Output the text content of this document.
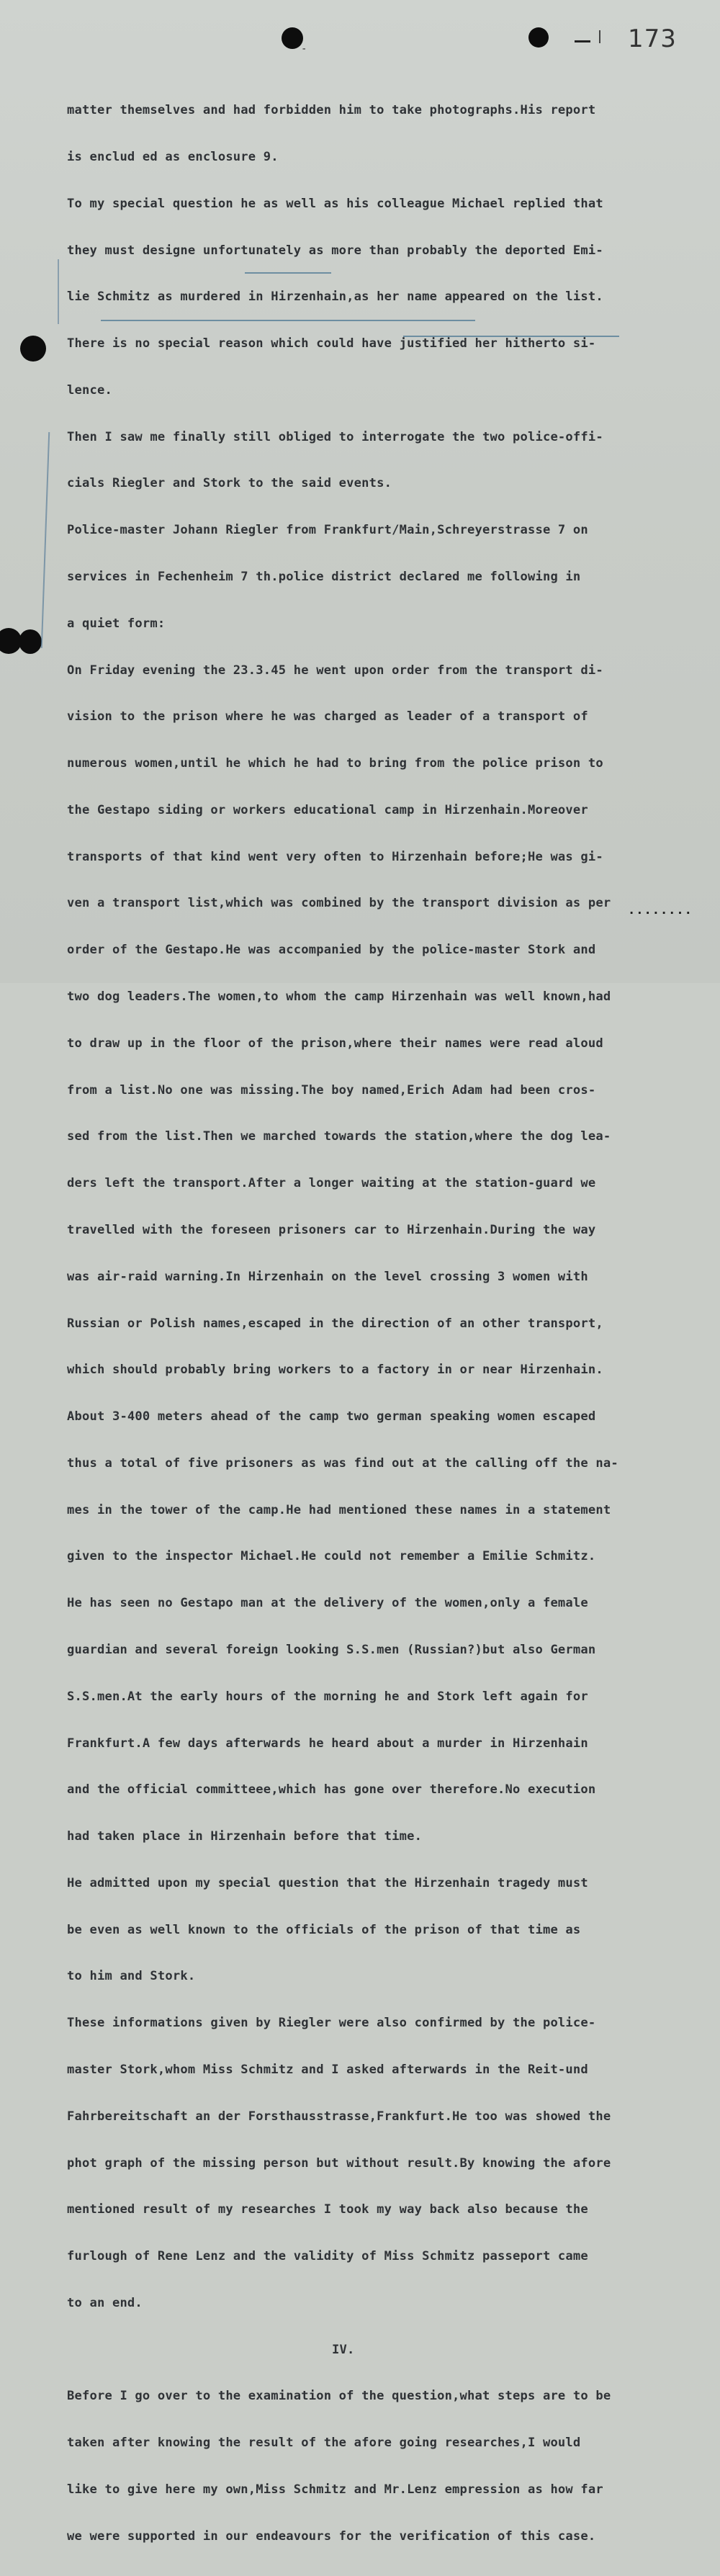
-	173

matter themselves and had forbidden him to take photographs.His report

is enclud ed as enclosure 9.

To my special question he as well as his colleague Michael replied that

they must designe unfortunately as more than probably the deported Emi-

lie Schmitz as murdered in Hirzenhain,as her name appeared on the list.

There is no special reason which could have justified her hitherto si-

lence.

Then I saw me finally still obliged to interrogate the two police-offi-

cials Riegler and Stork to the said events.

Police-master Johann Riegler from Frankfurt/Main,Schreyerstrasse 7 on

services in Fechenheim 7 th.police district declared me following in

a quiet form:

On Friday evening the 23.3.45 he went upon order from the transport di-

vision to the prison where he was charged as leader of a transport of

numerous women,until he which he had to bring from the police prison to

the Gestapo siding or workers educational camp in Hirzenhain.Moreover

transports of that kind went very often to Hirzenhain before;He was gi-

ven a transport list,which was combined by the transport division as per

order of the Gestapo.He was accompanied by the police-master Stork and

two dog leaders.The women,to whom the camp Hirzenhain was well known,had

to draw up in the floor of the prison,where their names were read aloud

from a list.No one was missing.The boy named,Erich Adam had been cros-

sed from the list.Then we marched towards the station,where the dog lea-

ders left the transport.After a longer waiting at the station-guard we

travelled with the foreseen prisoners car to Hirzenhain.During the way

was air-raid warning.In Hirzenhain on the level crossing 3 women with

Russian or Polish names,escaped in the direction of an other transport,

which should probably bring workers to a factory in or near Hirzenhain.

About 3-400 meters ahead of the camp two german speaking women escaped

thus a total of five prisoners as was find out at the calling off the na-

mes in the tower of the camp.He had mentioned these names in a statement

given to the inspector Michael.He could not remember a Emilie Schmitz.

He has seen no Gestapo man at the delivery of the women,only a female

guardian and several foreign looking S.S.men (Russian?)but also German

S.S.men.At the early hours of the morning he and Stork left again for

Frankfurt.A few days afterwards he heard about a murder in Hirzenhain

and the official committeee,which has gone over therefore.No execution

had taken place in Hirzenhain before that time.

He admitted upon my special question that the Hirzenhain tragedy must

be even as well known to the officials of the prison of that time as

to him and Stork.

These informations given by Riegler were also confirmed by the police-

master Stork,whom Miss Schmitz and I asked afterwards in the Reit-und

Fahrbereitschaft an der Forsthausstrasse,Frankfurt.He too was showed the

phot graph of the missing person but without result.By knowing the afore

mentioned result of my researches I took my way back also because the

furlough of Rene Lenz and the validity of Miss Schmitz passeport came

to an end.

IV.

Before I go over to the examination of the question,what steps are to be

taken after knowing the result of the afore going researches,I would

like to give here my own,Miss Schmitz and Mr.Lenz empression as how far

we were supported in our endeavours for the verification of this case.

........
